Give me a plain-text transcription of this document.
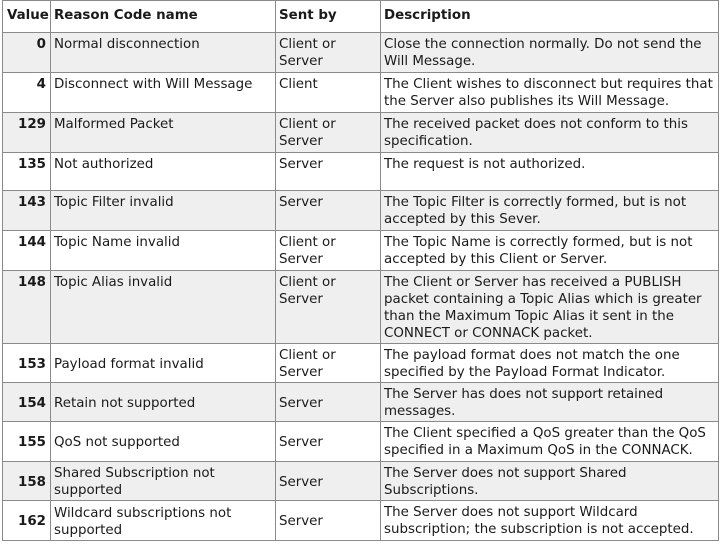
Value	Reason Code name	Sent by	Description
0	Normal disconnection	Client or Server	Close the connection normally. Do not send the Will Message.
4	Disconnect with Will Message	Client	The Client wishes to disconnect but requires that the Server also publishes its Will Message.
129	Malformed Packet	Client or Server	The received packet does not conform to this specification.
135	Not authorized	Server	The request is not authorized.
143	Topic Filter invalid	Server	The Topic Filter is correctly formed, but is not accepted by this Sever.
144	Topic Name invalid	Client or Server	The Topic Name is correctly formed, but is not accepted by this Client or Server.
148	Topic Alias invalid	Client or Server	The Client or Server has received a PUBLISH packet containing a Topic Alias which is greater than the Maximum Topic Alias it sent in the CONNECT or CONNACK packet.
153	Payload format invalid	Client or Server	The payload format does not match the one specified by the Payload Format Indicator.
154	Retain not supported	Server	The Server has does not support retained messages.
155	QoS not supported	Server	The Client specified a QoS greater than the QoS specified in a Maximum QoS in the CONNACK.
158	Shared Subscription not supported	Server	The Server does not support Shared Subscriptions.
162	Wildcard subscriptions not supported	Server	The Server does not support Wildcard subscription; the subscription is not accepted.
